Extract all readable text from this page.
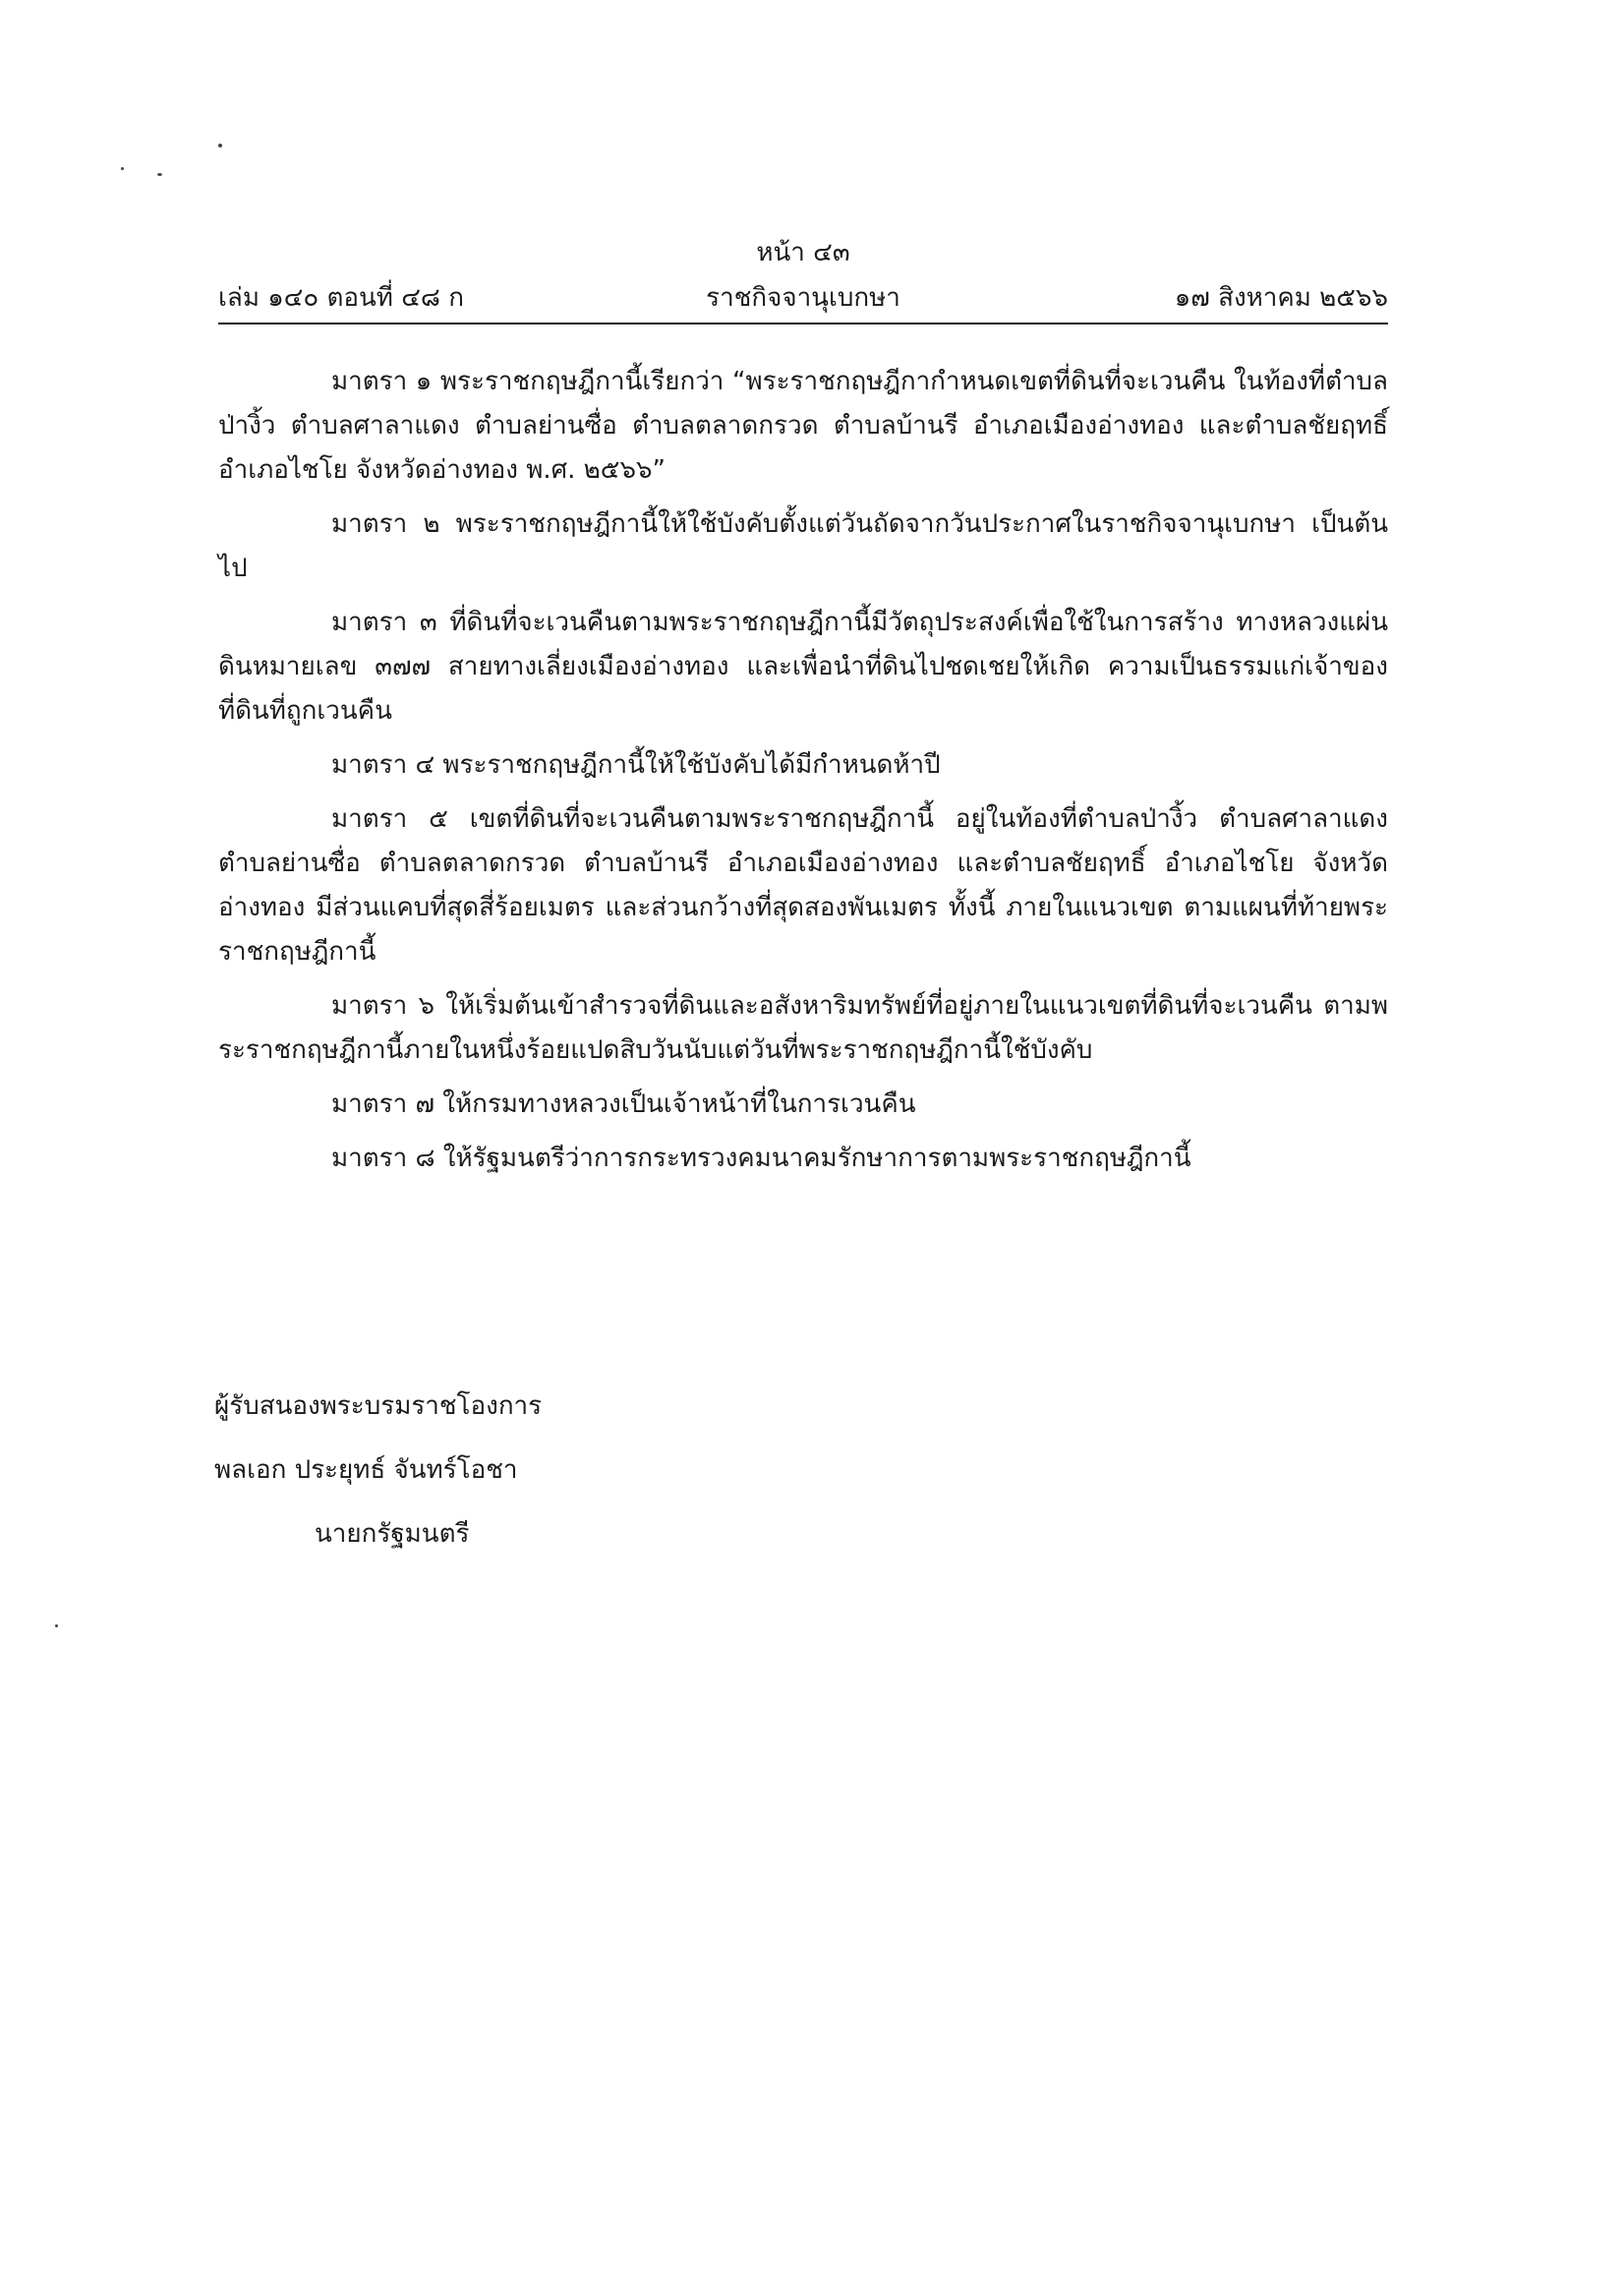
หน้า ๔๓
เล่ม ๑๔๐ ตอนที่ ๔๘ ก	ราชกิจจานุเบกษา	๑๗ สิงหาคม ๒๕๖๖

มาตรา ๑ พระราชกฤษฎีกานี้เรียกว่า “พระราชกฤษฎีกากำหนดเขตที่ดินที่จะเวนคืน ในท้องที่ตำบลป่างิ้ว ตำบลศาลาแดง ตำบลย่านซื่อ ตำบลตลาดกรวด ตำบลบ้านรี อำเภอเมืองอ่างทอง และตำบลชัยฤทธิ์ อำเภอไชโย จังหวัดอ่างทอง พ.ศ. ๒๕๖๖”

มาตรา ๒ พระราชกฤษฎีกานี้ให้ใช้บังคับตั้งแต่วันถัดจากวันประกาศในราชกิจจานุเบกษา เป็นต้นไป

มาตรา ๓ ที่ดินที่จะเวนคืนตามพระราชกฤษฎีกานี้มีวัตถุประสงค์เพื่อใช้ในการสร้าง ทางหลวงแผ่นดินหมายเลข ๓๗๗ สายทางเลี่ยงเมืองอ่างทอง และเพื่อนำที่ดินไปชดเชยให้เกิด ความเป็นธรรมแก่เจ้าของที่ดินที่ถูกเวนคืน

มาตรา ๔ พระราชกฤษฎีกานี้ให้ใช้บังคับได้มีกำหนดห้าปี

มาตรา ๕ เขตที่ดินที่จะเวนคืนตามพระราชกฤษฎีกานี้ อยู่ในท้องที่ตำบลป่างิ้ว ตำบลศาลาแดง ตำบลย่านซื่อ ตำบลตลาดกรวด ตำบลบ้านรี อำเภอเมืองอ่างทอง และตำบลชัยฤทธิ์ อำเภอไชโย จังหวัดอ่างทอง มีส่วนแคบที่สุดสี่ร้อยเมตร และส่วนกว้างที่สุดสองพันเมตร ทั้งนี้ ภายในแนวเขต ตามแผนที่ท้ายพระราชกฤษฎีกานี้

มาตรา ๖ ให้เริ่มต้นเข้าสำรวจที่ดินและอสังหาริมทรัพย์ที่อยู่ภายในแนวเขตที่ดินที่จะเวนคืน ตามพระราชกฤษฎีกานี้ภายในหนึ่งร้อยแปดสิบวันนับแต่วันที่พระราชกฤษฎีกานี้ใช้บังคับ

มาตรา ๗ ให้กรมทางหลวงเป็นเจ้าหน้าที่ในการเวนคืน

มาตรา ๘ ให้รัฐมนตรีว่าการกระทรวงคมนาคมรักษาการตามพระราชกฤษฎีกานี้

ผู้รับสนองพระบรมราชโองการ
พลเอก ประยุทธ์ จันทร์โอชา
นายกรัฐมนตรี
